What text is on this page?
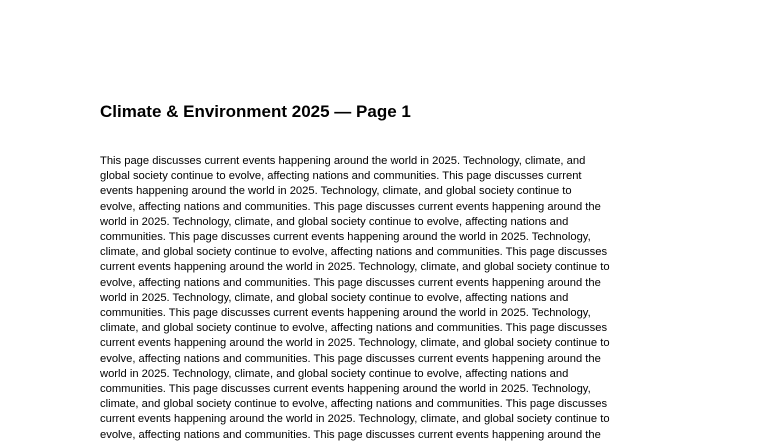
Climate & Environment 2025 — Page 1
This page discusses current events happening around the world in 2025. Technology, climate, and
global society continue to evolve, affecting nations and communities. This page discusses current
events happening around the world in 2025. Technology, climate, and global society continue to
evolve, affecting nations and communities. This page discusses current events happening around the
world in 2025. Technology, climate, and global society continue to evolve, affecting nations and
communities. This page discusses current events happening around the world in 2025. Technology,
climate, and global society continue to evolve, affecting nations and communities. This page discusses
current events happening around the world in 2025. Technology, climate, and global society continue to
evolve, affecting nations and communities. This page discusses current events happening around the
world in 2025. Technology, climate, and global society continue to evolve, affecting nations and
communities. This page discusses current events happening around the world in 2025. Technology,
climate, and global society continue to evolve, affecting nations and communities. This page discusses
current events happening around the world in 2025. Technology, climate, and global society continue to
evolve, affecting nations and communities. This page discusses current events happening around the
world in 2025. Technology, climate, and global society continue to evolve, affecting nations and
communities. This page discusses current events happening around the world in 2025. Technology,
climate, and global society continue to evolve, affecting nations and communities. This page discusses
current events happening around the world in 2025. Technology, climate, and global society continue to
evolve, affecting nations and communities. This page discusses current events happening around the
